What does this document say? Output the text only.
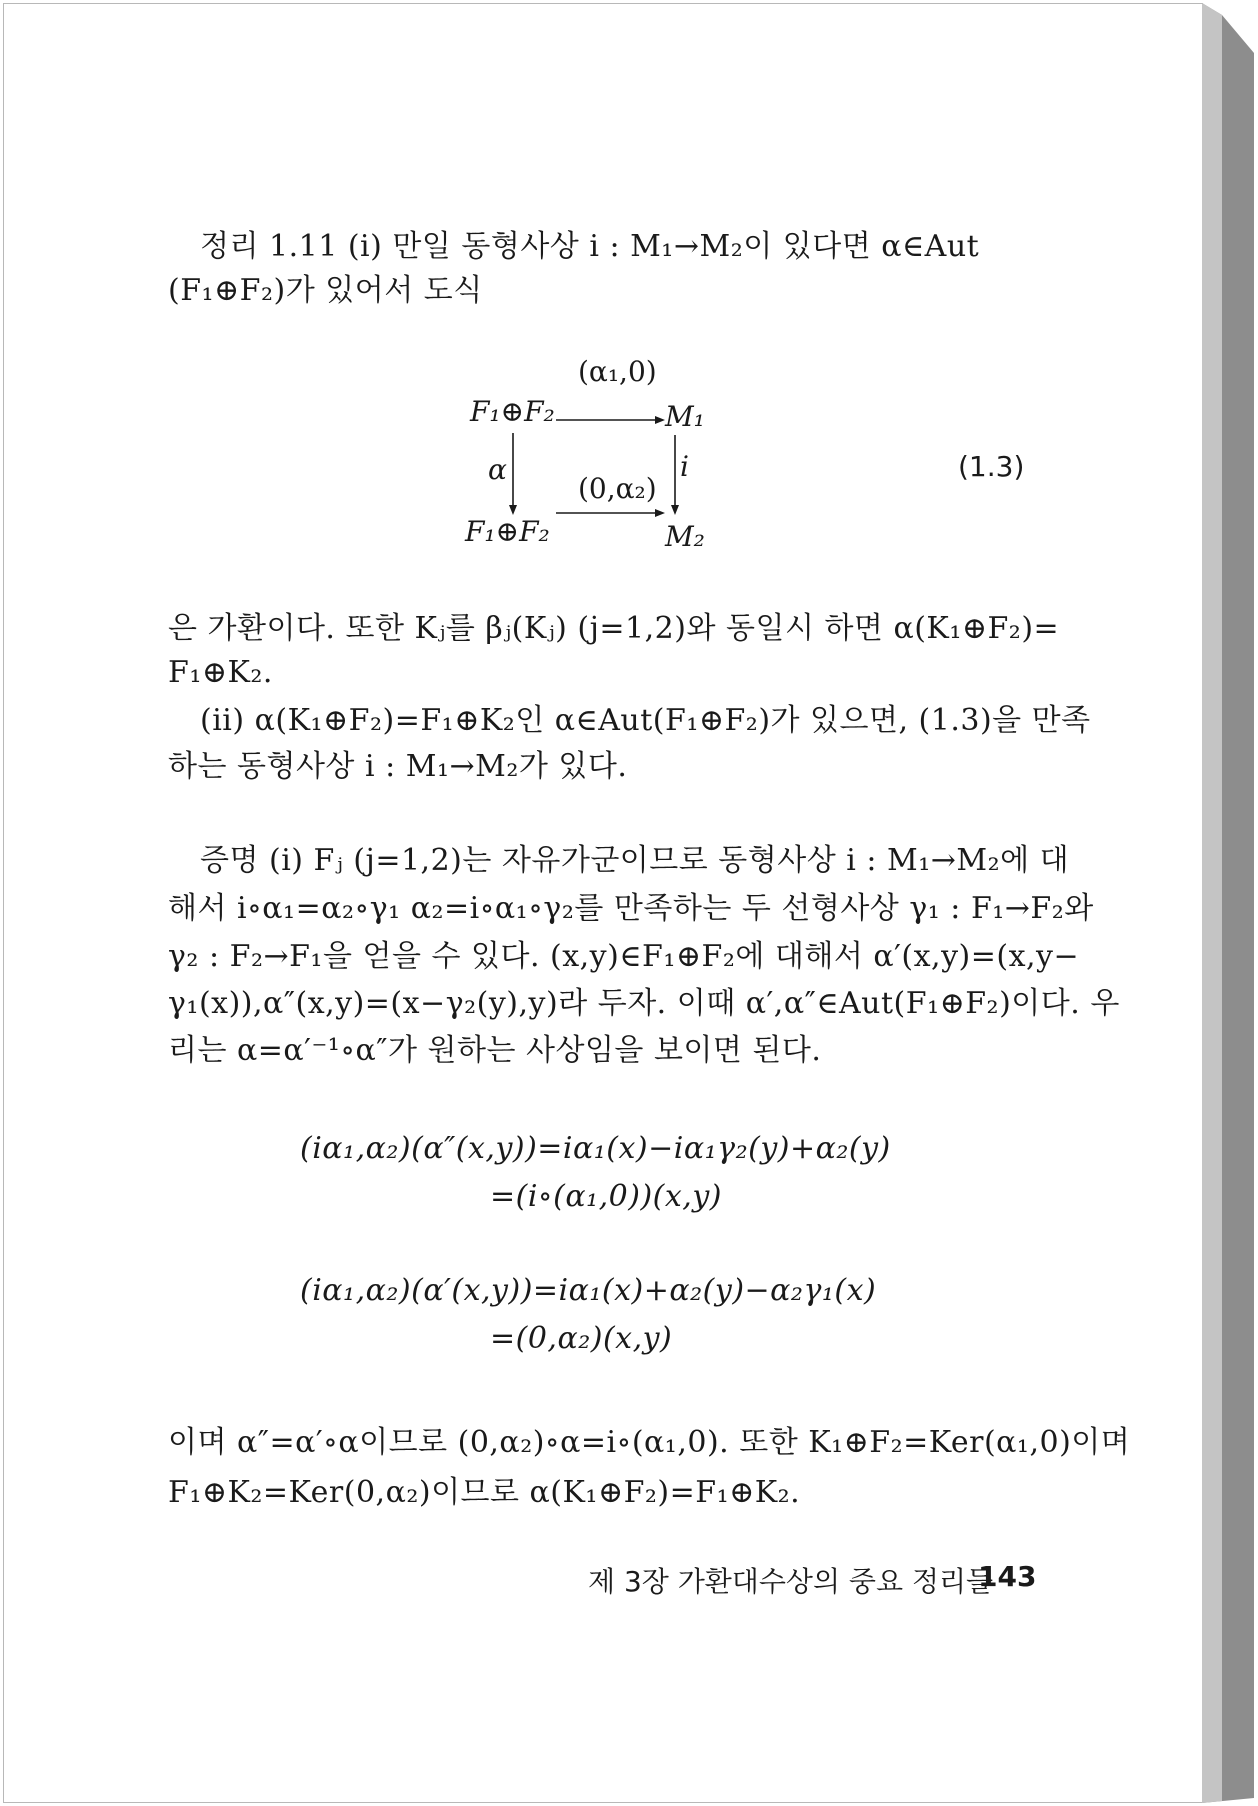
정리 1.11 (i) 만일 동형사상 i : M₁→M₂이 있다면 α∈Aut
(F₁⊕F₂)가 있어서 도식
F₁⊕F₂	M₁
F₁⊕F₂	M₂
(α₁,0)
(0,α₂)
α	i	(1.3)
은 가환이다. 또한 Kⱼ를 βⱼ(Kⱼ) (j=1,2)와 동일시 하면 α(K₁⊕F₂)=
F₁⊕K₂.
(ii) α(K₁⊕F₂)=F₁⊕K₂인 α∈Aut(F₁⊕F₂)가 있으면, (1.3)을 만족
하는 동형사상 i : M₁→M₂가 있다.
증명 (i) Fⱼ (j=1,2)는 자유가군이므로 동형사상 i : M₁→M₂에 대
해서 i∘α₁=α₂∘γ₁ α₂=i∘α₁∘γ₂를 만족하는 두 선형사상 γ₁ : F₁→F₂와
γ₂ : F₂→F₁을 얻을 수 있다. (x,y)∈F₁⊕F₂에 대해서 α′(x,y)=(x,y−
γ₁(x)),α″(x,y)=(x−γ₂(y),y)라 두자. 이때 α′,α″∈Aut(F₁⊕F₂)이다. 우
리는 α=α′⁻¹∘α″가 원하는 사상임을 보이면 된다.
(iα₁,α₂)(α″(x,y))=iα₁(x)−iα₁γ₂(y)+α₂(y)
=(i∘(α₁,0))(x,y)
(iα₁,α₂)(α′(x,y))=iα₁(x)+α₂(y)−α₂γ₁(x)
=(0,α₂)(x,y)
이며 α″=α′∘α이므로 (0,α₂)∘α=i∘(α₁,0). 또한 K₁⊕F₂=Ker(α₁,0)이며
F₁⊕K₂=Ker(0,α₂)이므로 α(K₁⊕F₂)=F₁⊕K₂.
제 3장 가환대수상의 중요 정리들
143
